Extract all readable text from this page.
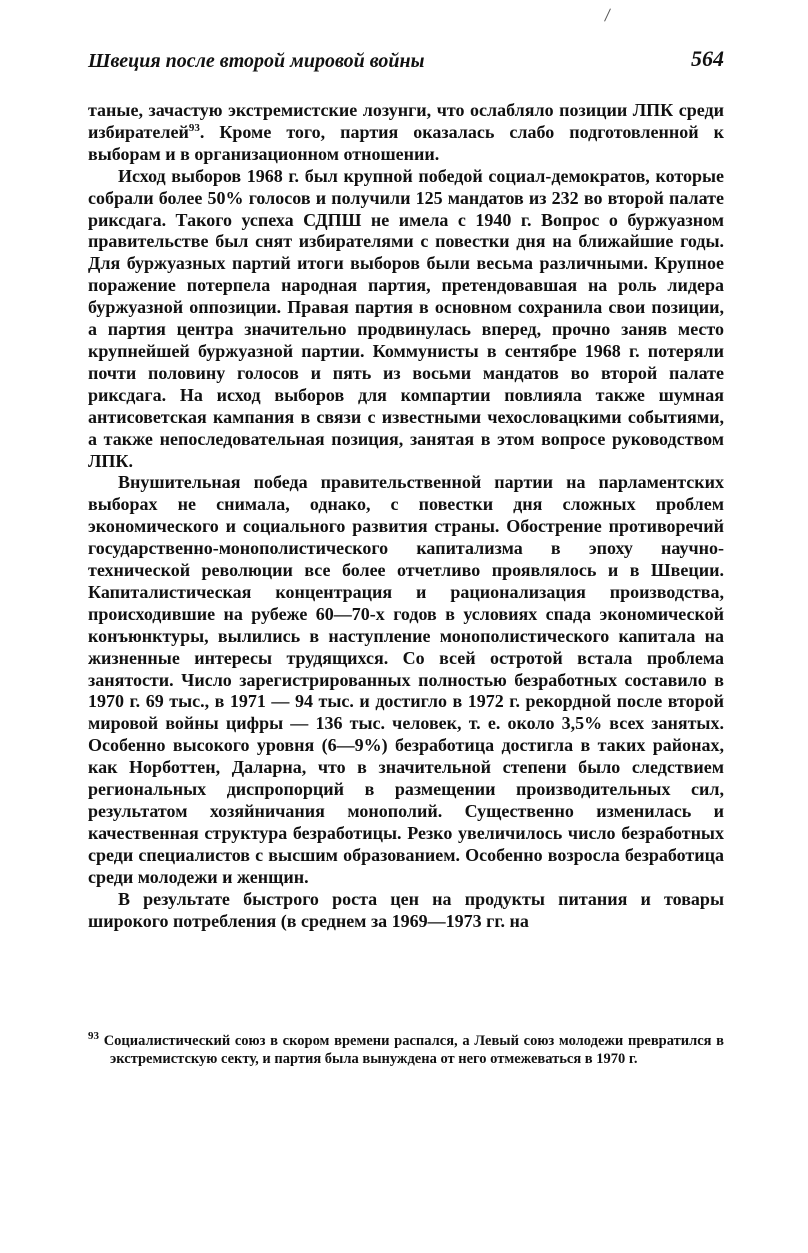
Швеция после второй мировой войны	564

таные, зачастую экстремистские лозунги, что ослабляло позиции ЛПК среди избирателей$^{93}$. Кроме того, партия оказалась слабо подготовленной к выборам и в организационном отношении.

Исход выборов 1968 г. был крупной победой социал-демократов, которые собрали более 50% голосов и получили 125 мандатов из 232 во второй палате риксдага. Такого успеха СДПШ не имела с 1940 г. Вопрос о буржуазном правительстве был снят избирателями с повестки дня на ближайшие годы. Для буржуазных партий итоги выборов были весьма различными. Крупное поражение потерпела народная партия, претендовавшая на роль лидера буржуазной оппозиции. Правая партия в основном сохранила свои позиции, а партия центра значительно продвинулась вперед, прочно заняв место крупнейшей буржуазной партии. Коммунисты в сентябре 1968 г. потеряли почти половину голосов и пять из восьми мандатов во второй палате риксдага. На исход выборов для компартии повлияла также шумная антисоветская кампания в связи с известными чехословацкими событиями, а также непоследовательная позиция, занятая в этом вопросе руководством ЛПК.

Внушительная победа правительственной партии на парламентских выборах не снимала, однако, с повестки дня сложных проблем экономического и социального развития страны. Обострение противоречий государственно-монополистического капитализма в эпоху научно-технической революции все более отчетливо проявлялось и в Швеции. Капиталистическая концентрация и рационализация производства, происходившие на рубеже 60—70-х годов в условиях спада экономической конъюнктуры, вылились в наступление монополистического капитала на жизненные интересы трудящихся. Со всей остротой встала проблема занятости. Число зарегистрированных полностью безработных составило в 1970 г. 69 тыс., в 1971 — 94 тыс. и достигло в 1972 г. рекордной после второй мировой войны цифры — 136 тыс. человек, т. е. около 3,5% всех занятых. Особенно высокого уровня (6—9%) безработица достигла в таких районах, как Норботтен, Даларна, что в значительной степени было следствием региональных диспропорций в размещении производительных сил, результатом хозяйничания монополий. Существенно изменилась и качественная структура безработицы. Резко увеличилось число безработных среди специалистов с высшим образованием. Особенно возросла безработица среди молодежи и женщин.

В результате быстрого роста цен на продукты питания и товары широкого потребления (в среднем за 1969—1973 гг. на

$^{93}$ Социалистический союз в скором времени распался, а Левый союз молодежи превратился в экстремистскую секту, и партия была вынуждена от него отмежеваться в 1970 г.
